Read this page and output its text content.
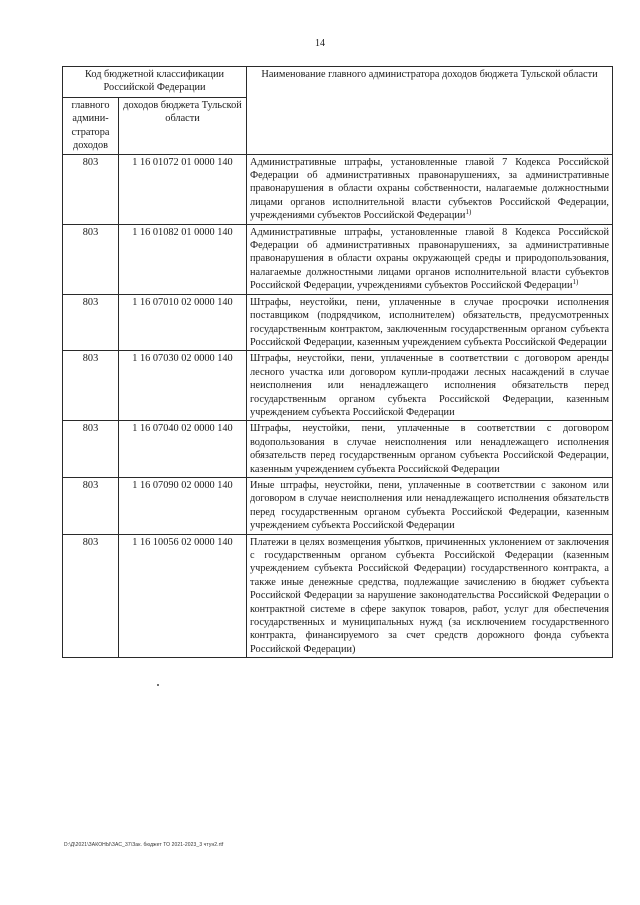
14
Код бюджетной классификации Российской Федерации		Наименование главного администратора доходов бюджета Тульской области
главного админи-стратора доходов	доходов бюджета Тульской области	
803	1 16 01072 01 0000 140	Административные штрафы, установленные главой 7 Кодекса Российской Федерации об административных правонарушениях, за административные правонарушения в области охраны собственности, налагаемые должностными лицами органов исполнительной власти субъектов Российской Федерации, учреждениями субъектов Российской Федерации$^{1)}$
803	1 16 01082 01 0000 140	Административные штрафы, установленные главой 8 Кодекса Российской Федерации об административных правонарушениях, за административные правонарушения в области охраны окружающей среды и природопользования, налагаемые должностными лицами органов исполнительной власти субъектов Российской Федерации, учреждениями субъектов Российской Федерации$^{1)}$
803	1 16 07010 02 0000 140	Штрафы, неустойки, пени, уплаченные в случае просрочки исполнения поставщиком (подрядчиком, исполнителем) обязательств, предусмотренных государственным контрактом, заключенным государственным органом субъекта Российской Федерации, казенным учреждением субъекта Российской Федерации
803	1 16 07030 02 0000 140	Штрафы, неустойки, пени, уплаченные в соответствии с договором аренды лесного участка или договором купли-продажи лесных насаждений в случае неисполнения или ненадлежащего исполнения обязательств перед государственным органом субъекта Российской Федерации, казенным учреждением субъекта Российской Федерации
803	1 16 07040 02 0000 140	Штрафы, неустойки, пени, уплаченные в соответствии с договором водопользования в случае неисполнения или ненадлежащего исполнения обязательств перед государственным органом субъекта Российской Федерации, казенным учреждением субъекта Российской Федерации
803	1 16 07090 02 0000 140	Иные штрафы, неустойки, пени, уплаченные в соответствии с законом или договором в случае неисполнения или ненадлежащего исполнения обязательств перед государственным органом субъекта Российской Федерации, казенным учреждением субъекта Российской Федерации
803	1 16 10056 02 0000 140	Платежи в целях возмещения убытков, причиненных уклонением от заключения с государственным органом субъекта Российской Федерации (казенным учреждением субъекта Российской Федерации) государственного контракта, а также иные денежные средства, подлежащие зачислению в бюджет субъекта Российской Федерации за нарушение законодательства Российской Федерации о контрактной системе в сфере закупок товаров, работ, услуг для обеспечения государственных и муниципальных нужд (за исключением государственного контракта, финансируемого за счет средств дорожного фонда субъекта Российской Федерации)
D:\Д\2021\ЗАКОНЫ\ЗАС_37\Зак. бюджет ТО 2021-2023_3 чтун2.rtf
